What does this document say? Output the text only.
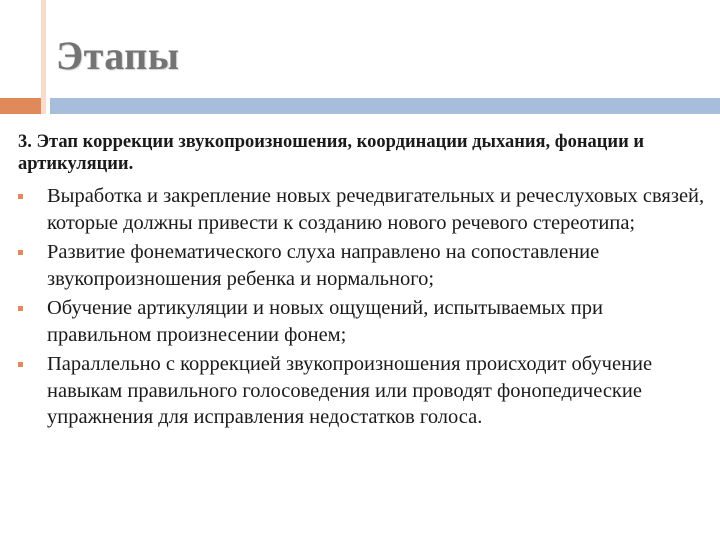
Этапы
3. Этап коррекции звукопроизношения, координации дыхания, фонации и артикуляции.
Выработка и закрепление новых речедвигательных и речеслуховых связей, которые должны привести к созданию нового речевого стереотипа;
Развитие фонематического слуха направлено на сопоставление звукопроизношения ребенка и нормального;
Обучение артикуляции и новых ощущений, испытываемых при правильном произнесении фонем;
Параллельно с коррекцией звукопроизношения происходит обучение навыкам правильного голосоведения или проводят фонопедические упражнения для исправления недостатков голоса.
